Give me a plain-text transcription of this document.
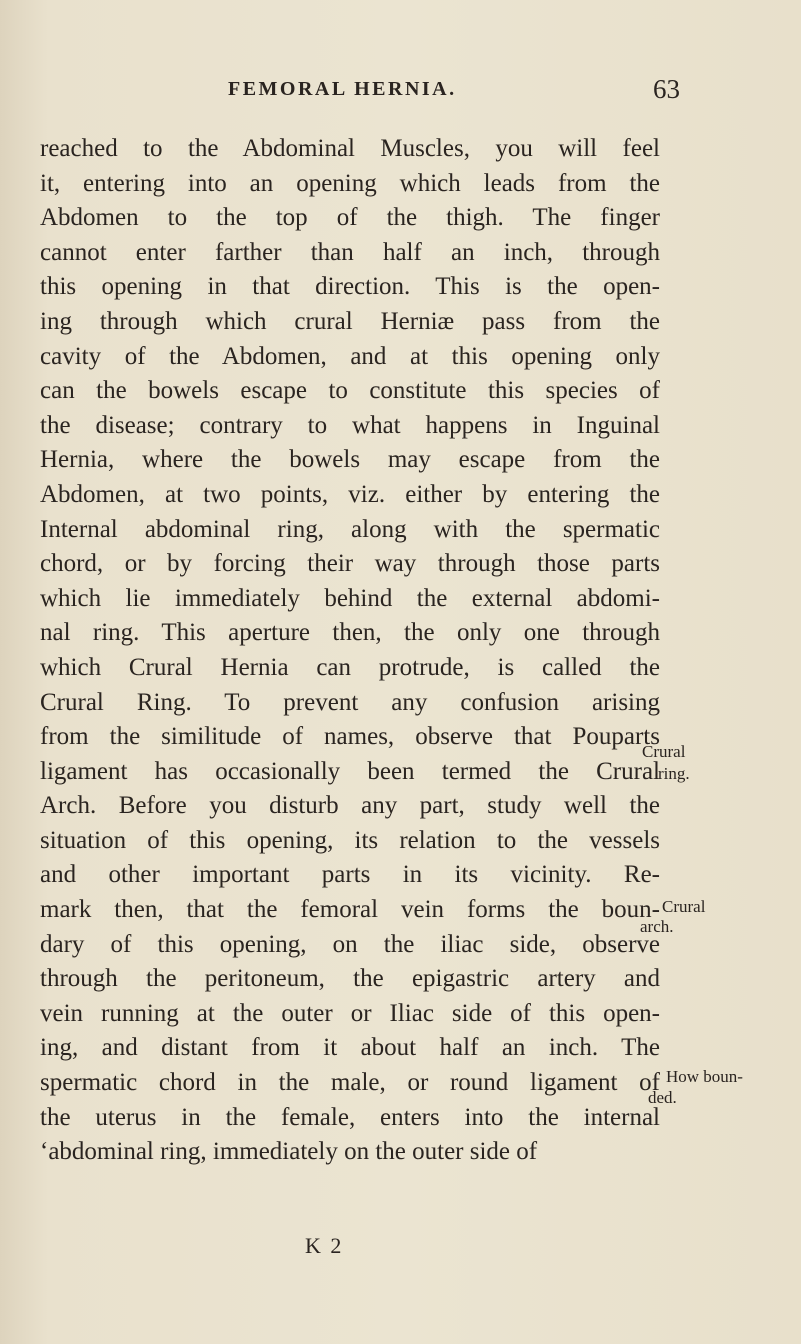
FEMORAL HERNIA.	63
reached to the Abdominal Muscles, you will feel
it, entering into an opening which leads from the
Abdomen to the top of the thigh. The finger
cannot enter farther than half an inch, through
this opening in that direction. This is the open-
ing through which crural Herniæ pass from the
cavity of the Abdomen, and at this opening only
can the bowels escape to constitute this species of
the disease; contrary to what happens in Inguinal
Hernia, where the bowels may escape from the
Abdomen, at two points, viz. either by entering the
Internal abdominal ring, along with the spermatic
chord, or by forcing their way through those parts
which lie immediately behind the external abdomi-
nal ring. This aperture then, the only one through
which Crural Hernia can protrude, is called the
Crural Ring. To prevent any confusion arising
from the similitude of names, observe that Pouparts
ligament has occasionally been termed the Crural
Arch. Before you disturb any part, study well the
situation of this opening, its relation to the vessels
and other important parts in its vicinity. Re-
mark then, that the femoral vein forms the boun-
dary of this opening, on the iliac side, observe
through the peritoneum, the epigastric artery and
vein running at the outer or Iliac side of this open-
ing, and distant from it about half an inch. The
spermatic chord in the male, or round ligament of
the uterus in the female, enters into the internal
‘abdominal ring, immediately on the outer side of
Crural
ring.
Crural
arch.
How boun-
ded.
K 2
